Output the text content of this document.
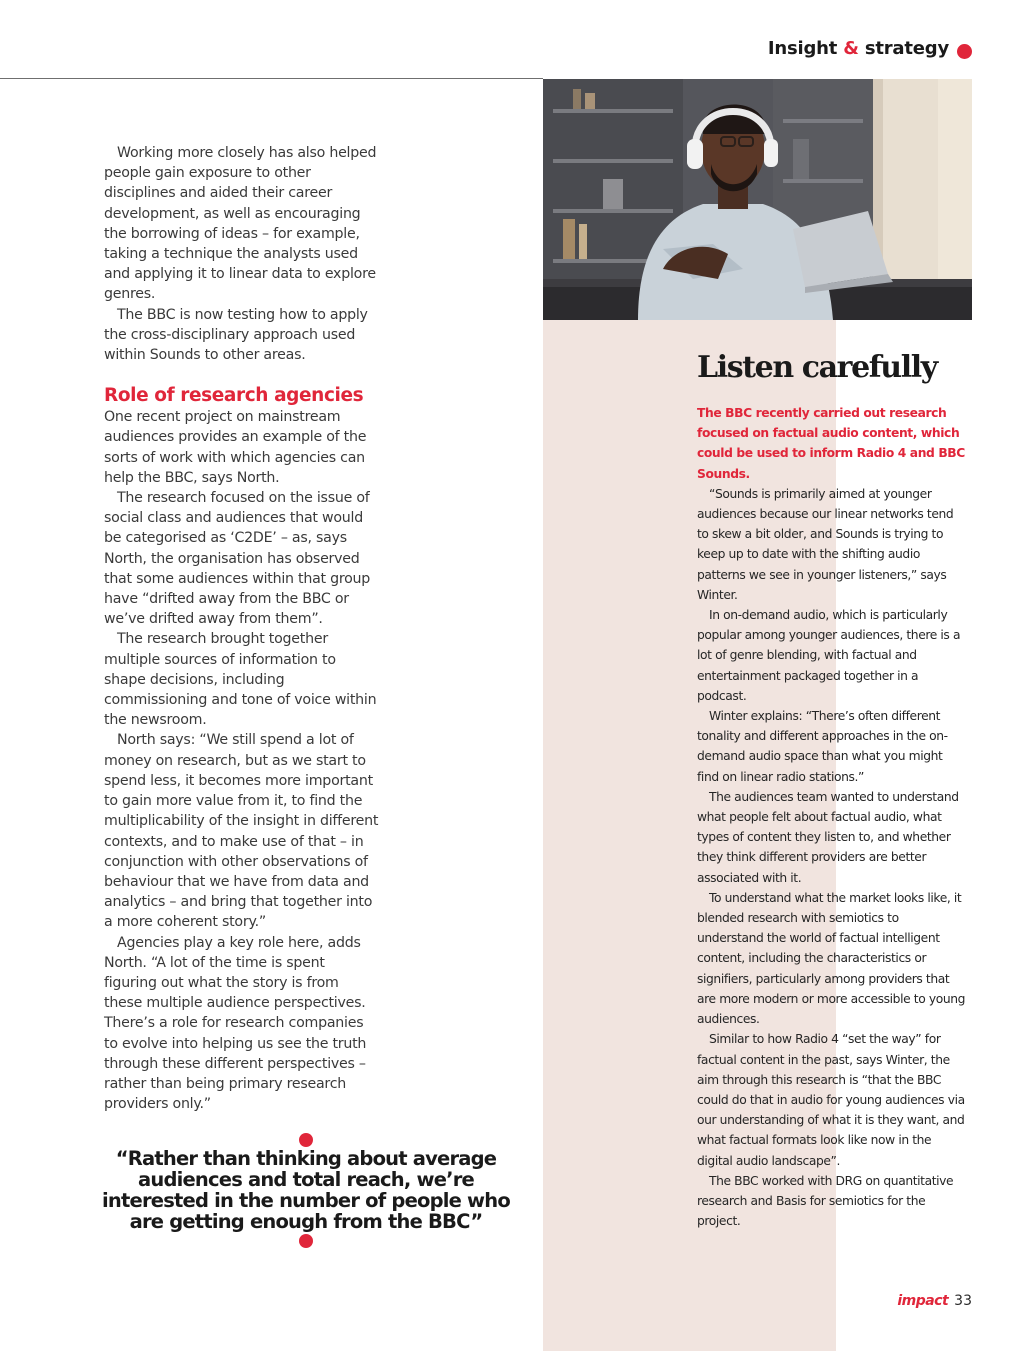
Insight & strategy

Working more closely has also helped people gain exposure to other disciplines and aided their career development, as well as encouraging the borrowing of ideas – for example, taking a technique the analysts used and applying it to linear data to explore genres.

The BBC is now testing how to apply the cross-disciplinary approach used within Sounds to other areas.

Role of research agencies

One recent project on mainstream audiences provides an example of the sorts of work with which agencies can help the BBC, says North.

The research focused on the issue of social class and audiences that would be categorised as ‘C2DE’ – as, says North, the organisation has observed that some audiences within that group have “drifted away from the BBC or we’ve drifted away from them”.

The research brought together multiple sources of information to shape decisions, including commissioning and tone of voice within the newsroom.

North says: “We still spend a lot of money on research, but as we start to spend less, it becomes more important to gain more value from it, to find the multiplicability of the insight in different contexts, and to make use of that – in conjunction with other observations of behaviour that we have from data and analytics – and bring that together into a more coherent story.”

Agencies play a key role here, adds North. “A lot of the time is spent figuring out what the story is from these multiple audience perspectives. There’s a role for research companies to evolve into helping us see the truth through these different perspectives – rather than being primary research providers only.”

“Rather than thinking about average audiences and total reach, we’re interested in the number of people who are getting enough from the BBC”
Listen carefully

The BBC recently carried out research focused on factual audio content, which could be used to inform Radio 4 and BBC Sounds.

“Sounds is primarily aimed at younger audiences because our linear networks tend to skew a bit older, and Sounds is trying to keep up to date with the shifting audio patterns we see in younger listeners,” says Winter.

In on-demand audio, which is particularly popular among younger audiences, there is a lot of genre blending, with factual and entertainment packaged together in a podcast.

Winter explains: “There’s often different tonality and different approaches in the on-demand audio space than what you might find on linear radio stations.”

The audiences team wanted to understand what people felt about factual audio, what types of content they listen to, and whether they think different providers are better associated with it.

To understand what the market looks like, it blended research with semiotics to understand the world of factual intelligent content, including the characteristics or signifiers, particularly among providers that are more modern or more accessible to young audiences.

Similar to how Radio 4 “set the way” for factual content in the past, says Winter, the aim through this research is “that the BBC could do that in audio for young audiences via our understanding of what it is they want, and what factual formats look like now in the digital audio landscape”.

The BBC worked with DRG on quantitative research and Basis for semiotics for the project.

impact 33
